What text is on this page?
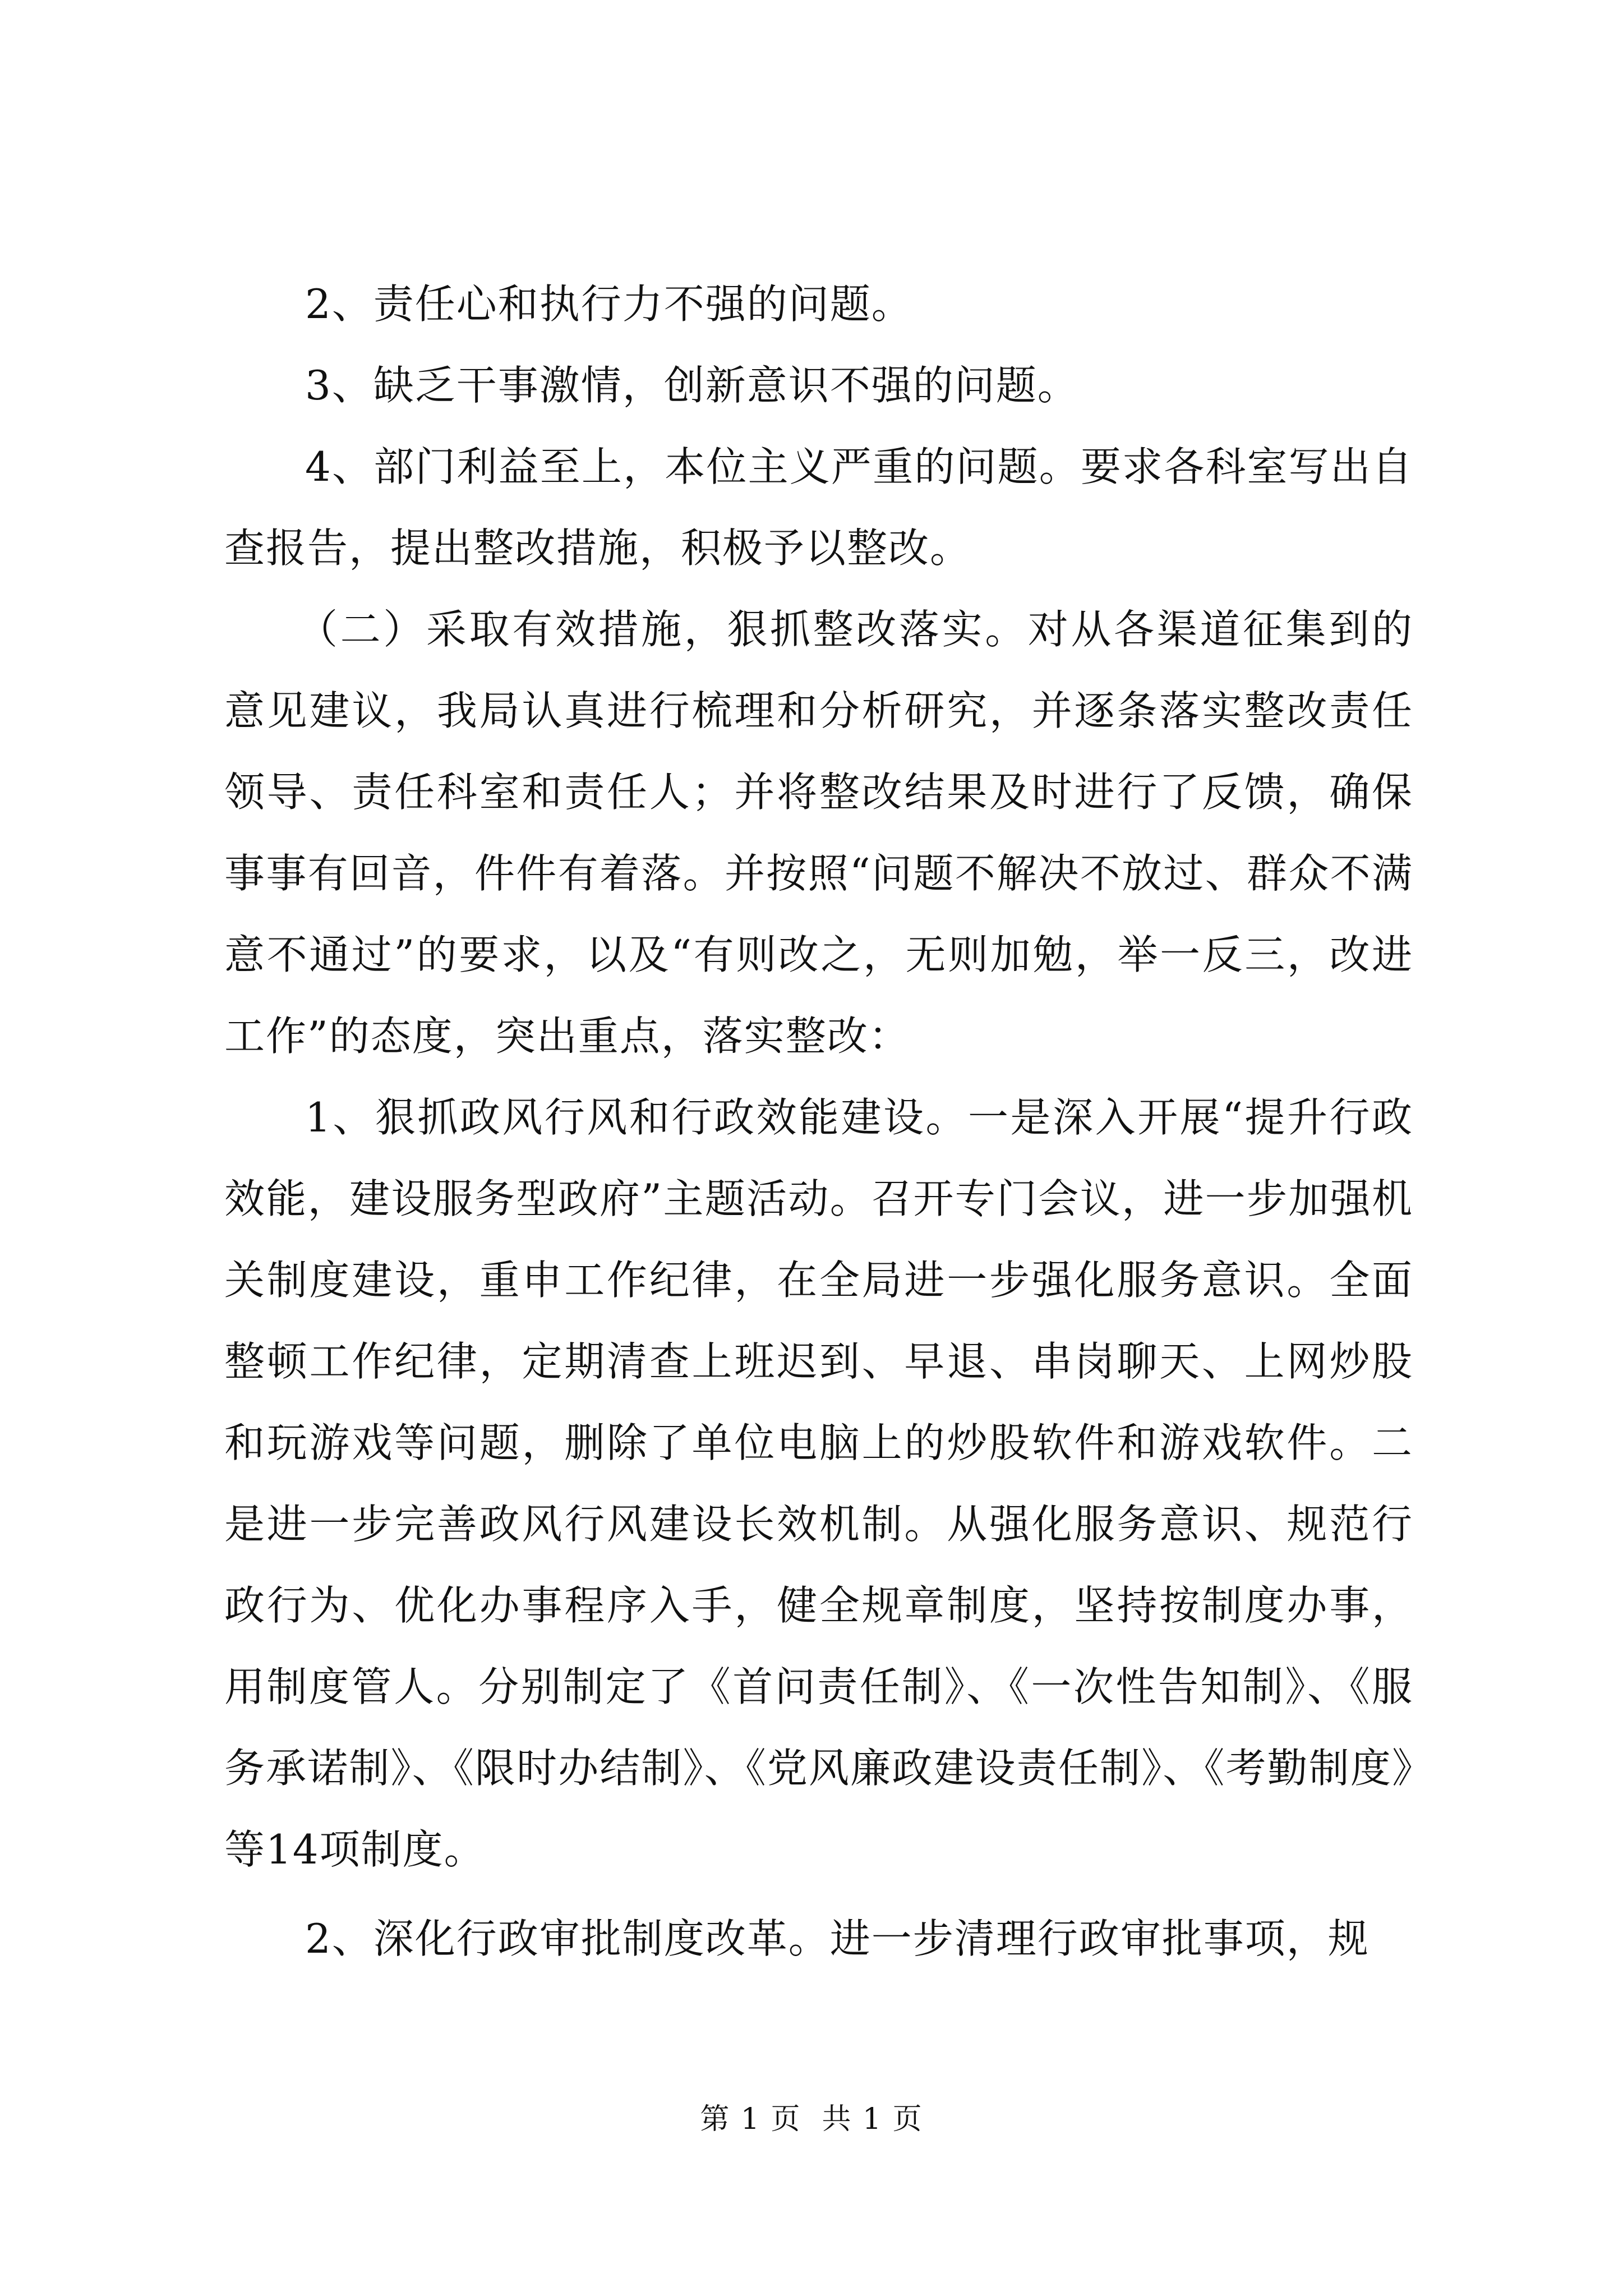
2、责任心和执行力不强的问题。

3、缺乏干事激情，创新意识不强的问题。

4、部门利益至上，本位主义严重的问题。要求各科室写出自查报告，提出整改措施，积极予以整改。

（二）采取有效措施，狠抓整改落实。对从各渠道征集到的意见建议，我局认真进行梳理和分析研究，并逐条落实整改责任领导、责任科室和责任人；并将整改结果及时进行了反馈，确保事事有回音，件件有着落。并按照“问题不解决不放过、群众不满意不通过”的要求，以及“有则改之，无则加勉，举一反三，改进工作”的态度，突出重点，落实整改：

1、狠抓政风行风和行政效能建设。一是深入开展“提升行政效能，建设服务型政府”主题活动。召开专门会议，进一步加强机关制度建设，重申工作纪律，在全局进一步强化服务意识。全面整顿工作纪律，定期清查上班迟到、早退、串岗聊天、上网炒股和玩游戏等问题，删除了单位电脑上的炒股软件和游戏软件。二是进一步完善政风行风建设长效机制。从强化服务意识、规范行政行为、优化办事程序入手，健全规章制度，坚持按制度办事，用制度管人。分别制定了《首问责任制》、《一次性告知制》、《服务承诺制》、《限时办结制》、《党风廉政建设责任制》、《考勤制度》等14项制度。

2、深化行政审批制度改革。进一步清理行政审批事项，规

第 1 页  共 1 页
